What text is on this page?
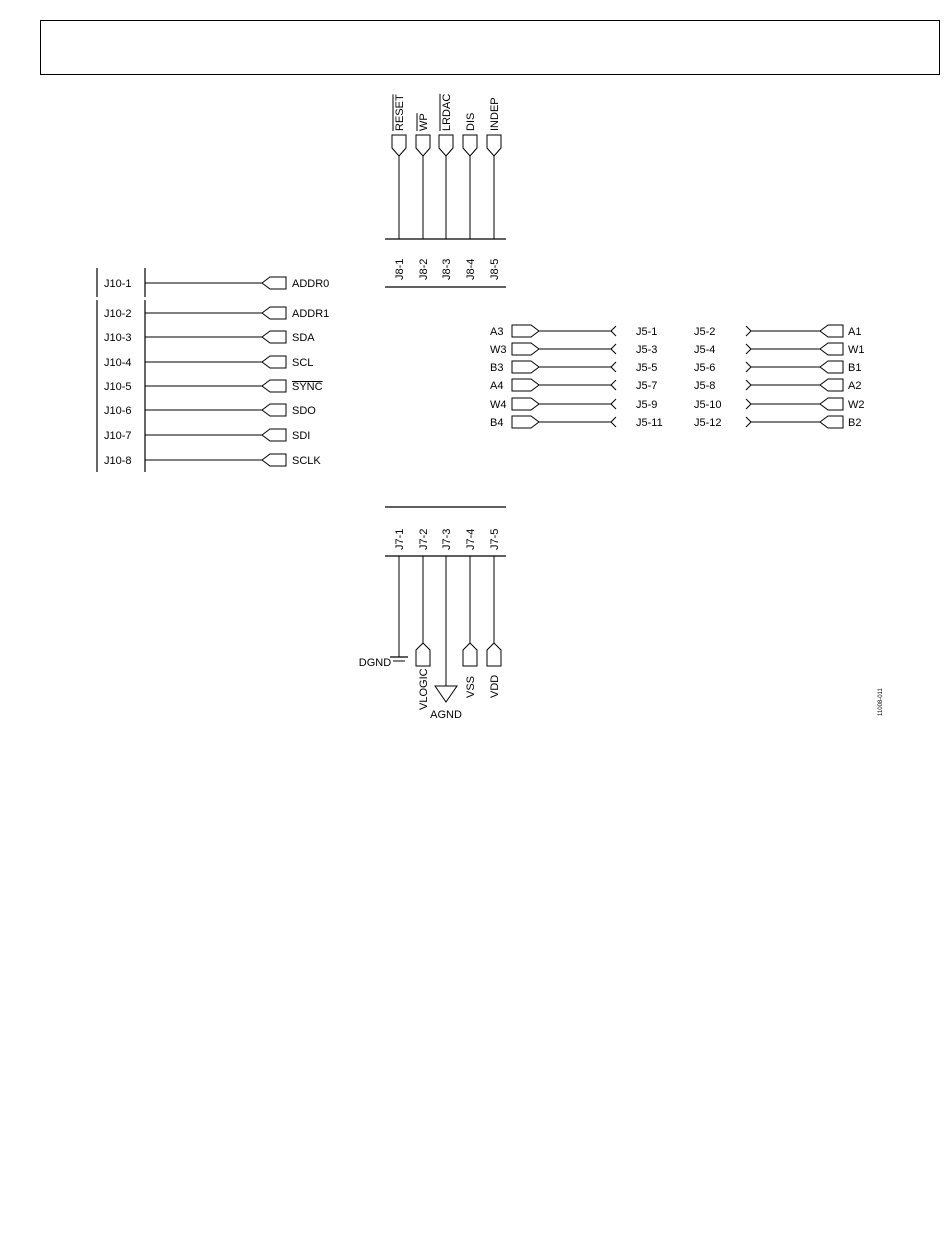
RESET
J8-1
WP
J8-2
LRDAC
J8-3
DIS
J8-4
INDEP
J8-5
J10-1	ADDR0
J10-2	ADDR1
J10-3	SDA
J10-4	SCL
J10-5	SYNC
J10-6	SDO
J10-7	SDI
J10-8	SCLK
A3	J5-1
W3	J5-3
B3	J5-5
A4	J5-7
W4	J5-9
B4	J5-11
J5-2	A1
J5-4	W1
J5-6	B1
J5-8	A2
J5-10	W2
J5-12	B2
J7-1 J7-2 J7-3 J7-4 J7-5
DGND
VLOGIC
AGND
VSS VDD
11008-011
